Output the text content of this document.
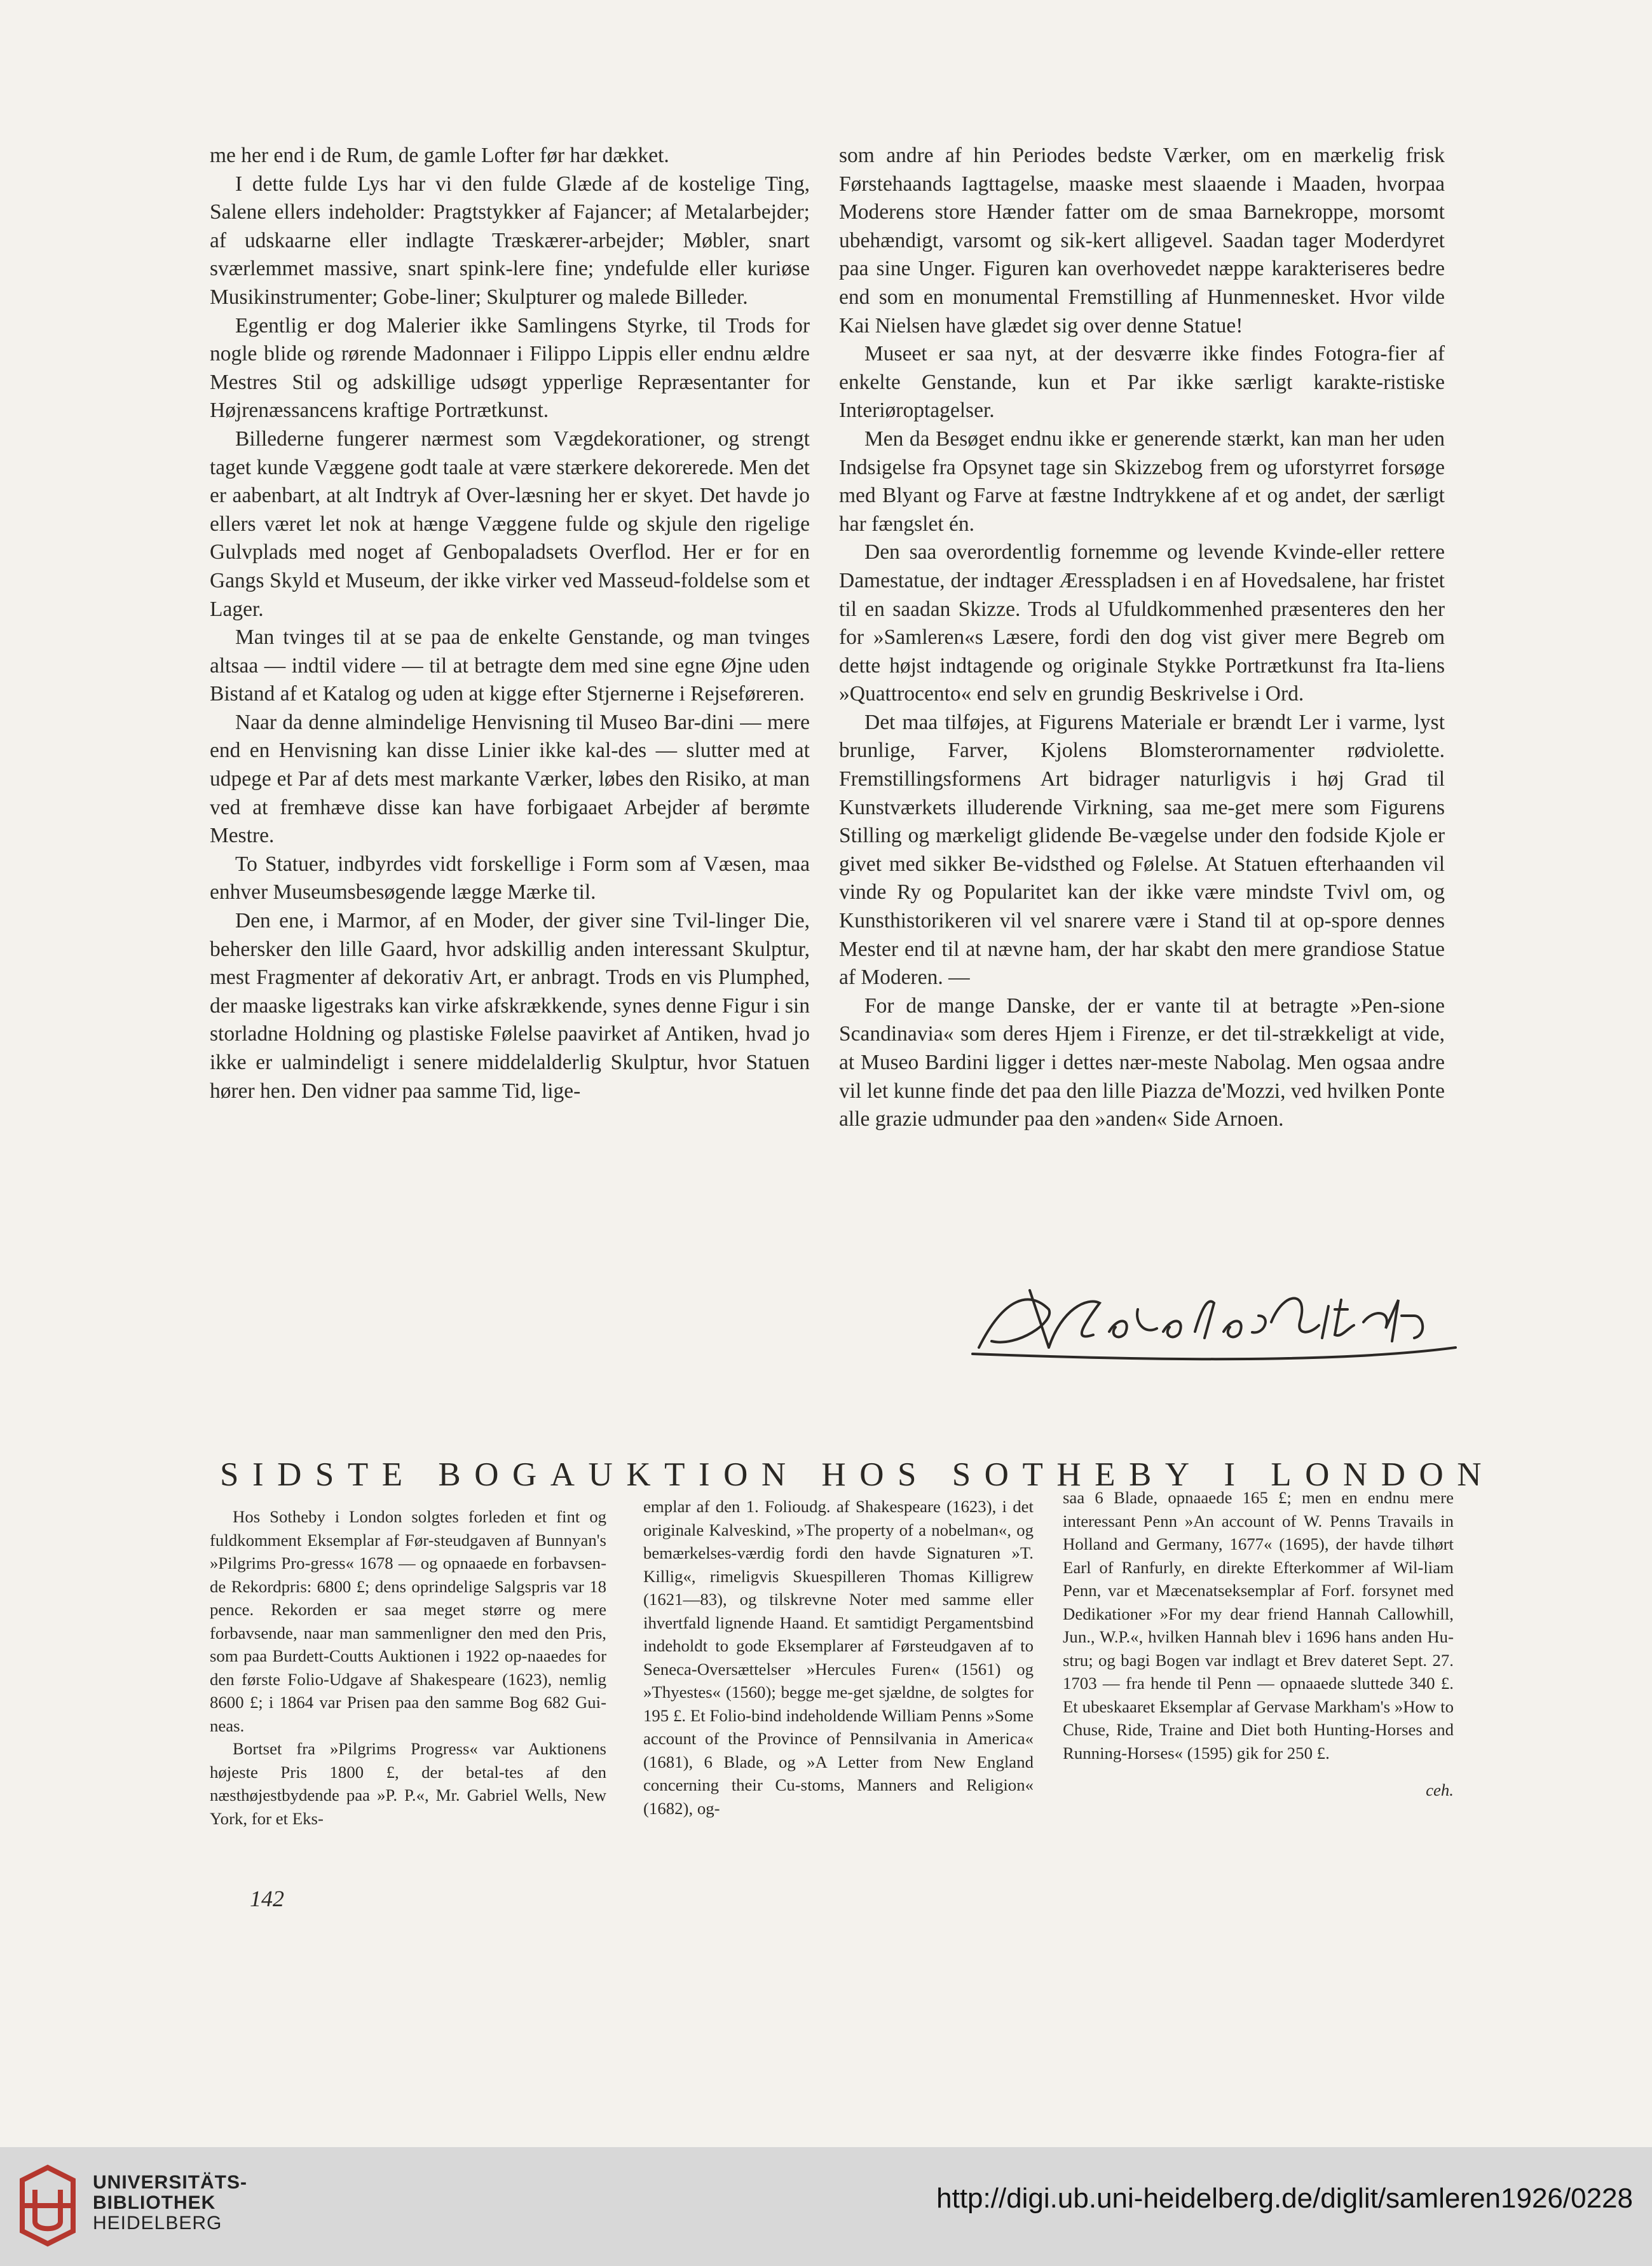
me her end i de Rum, de gamle Lofter før har dækket.

I dette fulde Lys har vi den fulde Glæde af de kostelige Ting, Salene ellers indeholder: Pragtstykker af Fajancer; af Metalarbejder; af udskaarne eller indlagte Træskærer-arbejder; Møbler, snart sværlemmet massive, snart spink-lere fine; yndefulde eller kuriøse Musikinstrumenter; Gobe-liner; Skulpturer og malede Billeder.

Egentlig er dog Malerier ikke Samlingens Styrke, til Trods for nogle blide og rørende Madonnaer i Filippo Lippis eller endnu ældre Mestres Stil og adskillige udsøgt ypperlige Repræsentanter for Højrenæssancens kraftige Portrætkunst.

Billederne fungerer nærmest som Vægdekorationer, og strengt taget kunde Væggene godt taale at være stærkere dekorerede. Men det er aabenbart, at alt Indtryk af Over-læsning her er skyet. Det havde jo ellers været let nok at hænge Væggene fulde og skjule den rigelige Gulvplads med noget af Genbopaladsets Overflod. Her er for en Gangs Skyld et Museum, der ikke virker ved Masseud-foldelse som et Lager.

Man tvinges til at se paa de enkelte Genstande, og man tvinges altsaa — indtil videre — til at betragte dem med sine egne Øjne uden Bistand af et Katalog og uden at kigge efter Stjernerne i Rejseføreren.

Naar da denne almindelige Henvisning til Museo Bar-dini — mere end en Henvisning kan disse Linier ikke kal-des — slutter med at udpege et Par af dets mest markante Værker, løbes den Risiko, at man ved at fremhæve disse kan have forbigaaet Arbejder af berømte Mestre.

To Statuer, indbyrdes vidt forskellige i Form som af Væsen, maa enhver Museumsbesøgende lægge Mærke til.

Den ene, i Marmor, af en Moder, der giver sine Tvil-linger Die, behersker den lille Gaard, hvor adskillig anden interessant Skulptur, mest Fragmenter af dekorativ Art, er anbragt. Trods en vis Plumphed, der maaske ligestraks kan virke afskrækkende, synes denne Figur i sin storladne Holdning og plastiske Følelse paavirket af Antiken, hvad jo ikke er ualmindeligt i senere middelalderlig Skulptur, hvor Statuen hører hen. Den vidner paa samme Tid, lige-

som andre af hin Periodes bedste Værker, om en mærkelig frisk Førstehaands Iagttagelse, maaske mest slaaende i Maaden, hvorpaa Moderens store Hænder fatter om de smaa Barnekroppe, morsomt ubehændigt, varsomt og sik-kert alligevel. Saadan tager Moderdyret paa sine Unger. Figuren kan overhovedet næppe karakteriseres bedre end som en monumental Fremstilling af Hunmennesket. Hvor vilde Kai Nielsen have glædet sig over denne Statue!

Museet er saa nyt, at der desværre ikke findes Fotogra-fier af enkelte Genstande, kun et Par ikke særligt karakte-ristiske Interiøroptagelser.

Men da Besøget endnu ikke er generende stærkt, kan man her uden Indsigelse fra Opsynet tage sin Skizzebog frem og uforstyrret forsøge med Blyant og Farve at fæstne Indtrykkene af et og andet, der særligt har fængslet én.

Den saa overordentlig fornemme og levende Kvinde-eller rettere Damestatue, der indtager Æresspladsen i en af Hovedsalene, har fristet til en saadan Skizze. Trods al Ufuldkommenhed præsenteres den her for »Samleren«s Læsere, fordi den dog vist giver mere Begreb om dette højst indtagende og originale Stykke Portrætkunst fra Ita-liens »Quattrocento« end selv en grundig Beskrivelse i Ord.

Det maa tilføjes, at Figurens Materiale er brændt Ler i varme, lyst brunlige, Farver, Kjolens Blomsterornamenter rødviolette. Fremstillingsformens Art bidrager naturligvis i høj Grad til Kunstværkets illuderende Virkning, saa me-get mere som Figurens Stilling og mærkeligt glidende Be-vægelse under den fodside Kjole er givet med sikker Be-vidsthed og Følelse. At Statuen efterhaanden vil vinde Ry og Popularitet kan der ikke være mindste Tvivl om, og Kunsthistorikeren vil vel snarere være i Stand til at op-spore dennes Mester end til at nævne ham, der har skabt den mere grandiose Statue af Moderen. —

For de mange Danske, der er vante til at betragte »Pen-sione Scandinavia« som deres Hjem i Firenze, er det til-strækkeligt at vide, at Museo Bardini ligger i dettes nær-meste Nabolag. Men ogsaa andre vil let kunne finde det paa den lille Piazza de'Mozzi, ved hvilken Ponte alle grazie udmunder paa den »anden« Side Arnoen.

SIDSTE BOGAUKTION HOS SOTHEBY I LONDON

Hos Sotheby i London solgtes forleden et fint og fuldkomment Eksemplar af Før-steudgaven af Bunnyan's »Pilgrims Pro-gress« 1678 — og opnaaede en forbavsen-de Rekordpris: 6800 £; dens oprindelige Salgspris var 18 pence. Rekorden er saa meget større og mere forbavsende, naar man sammenligner den med den Pris, som paa Burdett-Coutts Auktionen i 1922 op-naaedes for den første Folio-Udgave af Shakespeare (1623), nemlig 8600 £; i 1864 var Prisen paa den samme Bog 682 Gui-neas.

Bortset fra »Pilgrims Progress« var Auktionens højeste Pris 1800 £, der betal-tes af den næsthøjestbydende paa »P. P.«, Mr. Gabriel Wells, New York, for et Eks-

emplar af den 1. Folioudg. af Shakespeare (1623), i det originale Kalveskind, »The property of a nobelman«, og bemærkelses-værdig fordi den havde Signaturen »T. Killig«, rimeligvis Skuespilleren Thomas Killigrew (1621—83), og tilskrevne Noter med samme eller ihvertfald lignende Haand. Et samtidigt Pergamentsbind indeholdt to gode Eksemplarer af Førsteudgaven af to Seneca-Oversættelser »Hercules Furen« (1561) og »Thyestes« (1560); begge me-get sjældne, de solgtes for 195 £. Et Folio-bind indeholdende William Penns »Some account of the Province of Pennsilvania in America« (1681), 6 Blade, og »A Letter from New England concerning their Cu-stoms, Manners and Religion« (1682), og-

saa 6 Blade, opnaaede 165 £; men en endnu mere interessant Penn »An account of W. Penns Travails in Holland and Germany, 1677« (1695), der havde tilhørt Earl of Ranfurly, en direkte Efterkommer af Wil-liam Penn, var et Mæcenatseksemplar af Forf. forsynet med Dedikationer »For my dear friend Hannah Callowhill, Jun., W.P.«, hvilken Hannah blev i 1696 hans anden Hu-stru; og bagi Bogen var indlagt et Brev dateret Sept. 27. 1703 — fra hende til Penn — opnaaede sluttede 340 £. Et ubeskaaret Eksemplar af Gervase Markham's »How to Chuse, Ride, Traine and Diet both Hunting-Horses and Running-Horses« (1595) gik for 250 £.

ceh.

142
UNIVERSITÄTS-
BIBLIOTHEK
HEIDELBERG
http://digi.ub.uni-heidelberg.de/diglit/samleren1926/0228
